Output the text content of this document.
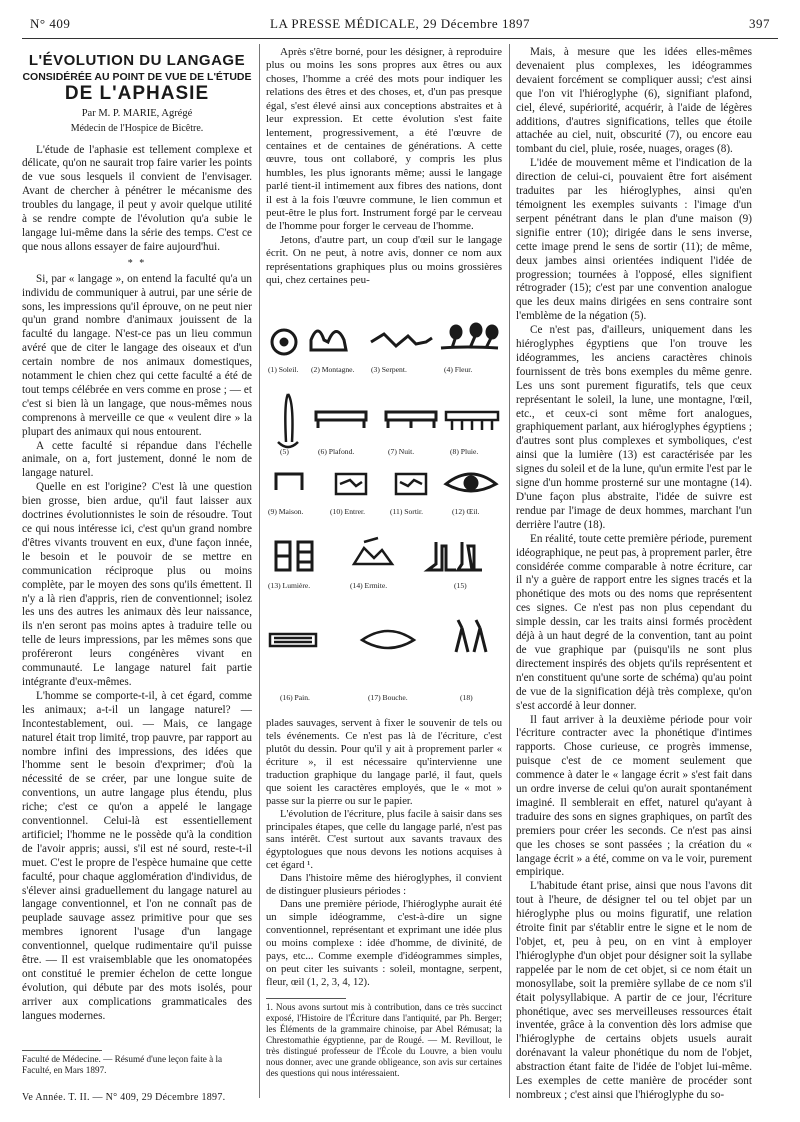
N° 409	LA PRESSE MÉDICALE, 29 Décembre 1897	397
L'ÉVOLUTION DU LANGAGE
CONSIDÉRÉE AU POINT DE VUE DE L'ÉTUDE
DE L'APHASIE
Par M. P. MARIE, Agrégé
Médecin de l'Hospice de Bicêtre.

L'étude de l'aphasie est tellement complexe et délicate, qu'on ne saurait trop faire varier les points de vue sous lesquels il convient de l'envisager. Avant de chercher à pénétrer le mécanisme des troubles du langage, il peut y avoir quelque utilité à se rendre compte de l'évolution qu'a subie le langage lui-même dans la série des temps. C'est ce que nous allons essayer de faire aujourd'hui.

* *

Si, par « langage », on entend la faculté qu'a un individu de communiquer à autrui, par une série de sons, les impressions qu'il éprouve, on ne peut nier qu'un grand nombre d'animaux jouissent de la faculté du langage. N'est-ce pas un lieu commun avéré que de citer le langage des oiseaux et d'un certain nombre de nos animaux domestiques, notamment le chien chez qui cette faculté a été de tout temps célébrée en vers comme en prose ; — et c'est si bien là un langage, que nous-mêmes nous comprenons à merveille ce que « veulent dire » la plupart des animaux qui nous entourent.

A cette faculté si répandue dans l'échelle animale, on a, fort justement, donné le nom de langage naturel.

Quelle en est l'origine? C'est là une question bien grosse, bien ardue, qu'il faut laisser aux doctrines évolutionnistes le soin de résoudre. Tout ce qui nous intéresse ici, c'est qu'un grand nombre d'êtres vivants trouvent en eux, d'une façon innée, le besoin et le pouvoir de se mettre en communication réciproque plus ou moins complète, par le moyen des sons qu'ils émettent. Il n'y a là rien d'appris, rien de conventionnel; isolez les uns des autres les animaux dès leur naissance, ils n'en seront pas moins aptes à traduire telle ou telle de leurs impressions, par les mêmes sons que proféreront leurs congénères vivant en communauté. Le langage naturel fait partie intégrante d'eux-mêmes.

L'homme se comporte-t-il, à cet égard, comme les animaux; a-t-il un langage naturel? — Incontestablement, oui. — Mais, ce langage naturel était trop limité, trop pauvre, par rapport au nombre infini des impressions, des idées que l'homme sent le besoin d'exprimer; d'où la nécessité de se créer, par une longue suite de conventions, un autre langage plus étendu, plus riche; c'est ce qu'on a appelé le langage conventionnel. Celui-là est essentiellement artificiel; l'homme ne le possède qu'à la condition de l'avoir appris; aussi, s'il est né sourd, reste-t-il muet. C'est le propre de l'espèce humaine que cette faculté, pour chaque agglomération d'individus, de s'élever ainsi graduellement du langage naturel au langage conventionnel, et l'on ne connaît pas de peuplade sauvage assez primitive pour que ses membres ignorent l'usage d'un langage conventionnel, quelque rudimentaire qu'il puisse être. — Il est vraisemblable que les onomatopées ont constitué le premier échelon de cette longue évolution, qui débute par des mots isolés, pour arriver aux complications grammaticales des langues modernes.

Faculté de Médecine. — Résumé d'une leçon faite à la Faculté, en Mars 1897.
Ve Année. T. II. — N° 409, 29 Décembre 1897.

Après s'être borné, pour les désigner, à reproduire plus ou moins les sons propres aux êtres ou aux choses, l'homme a créé des mots pour indiquer les relations des êtres et des choses, et, d'un pas presque égal, s'est élevé ainsi aux conceptions abstraites et à leur expression. Et cette évolution s'est faite lentement, progressivement, a été l'œuvre de centaines et de centaines de générations. A cette œuvre, tous ont collaboré, y compris les plus humbles, les plus ignorants même; aussi le langage parlé tient-il intimement aux fibres des nations, dont il est à la fois l'œuvre commune, le lien commun et peut-être le plus fort. Instrument forgé par le cerveau de l'homme pour forger le cerveau de l'homme.

Jetons, d'autre part, un coup d'œil sur le langage écrit. On ne peut, à notre avis, donner ce nom aux représentations graphiques plus ou moins grossières qui, chez certaines peu-

(1) Soleil. (2) Montagne. (3) Serpent.	(4) Fleur.
(5)	(6) Plafond.	(7) Nuit.	(8) Pluie.
(9) Maison.	(10) Entrer.	(11) Sortir.	(12) Œil.
(13) Lumière.	(14) Ermite.	(15)
(16) Pain.	(17) Bouche.	(18)

plades sauvages, servent à fixer le souvenir de tels ou tels événements. Ce n'est pas là de l'écriture, c'est plutôt du dessin. Pour qu'il y ait à proprement parler « écriture », il est nécessaire qu'intervienne une traduction graphique du langage parlé, il faut, quels que soient les caractères employés, que le « mot » passe sur la pierre ou sur le papier.

L'évolution de l'écriture, plus facile à saisir dans ses principales étapes, que celle du langage parlé, n'est pas sans intérêt. C'est surtout aux savants travaux des égyptologues que nous devons les notions acquises à cet égard ¹.

Dans l'histoire même des hiéroglyphes, il convient de distinguer plusieurs périodes :

Dans une première période, l'hiéroglyphe aurait été un simple idéogramme, c'est-à-dire un signe conventionnel, représentant et exprimant une idée plus ou moins complexe : idée d'homme, de divinité, de pays, etc... Comme exemple d'idéogrammes simples, on peut citer les suivants : soleil, montagne, serpent, fleur, œil (1, 2, 3, 4, 12).

1. Nous avons surtout mis à contribution, dans ce très succinct exposé, l'Histoire de l'Écriture dans l'antiquité, par Ph. Berger; les Éléments de la grammaire chinoise, par Abel Rémusat; la Chrestomathie égyptienne, par de Rougé. — M. Revillout, le très distingué professeur de l'École du Louvre, a bien voulu nous donner, avec une grande obligeance, son avis sur certaines des questions qui nous intéressaient.

Mais, à mesure que les idées elles-mêmes devenaient plus complexes, les idéogrammes devaient forcément se compliquer aussi; c'est ainsi que l'on vit l'hiéroglyphe (6), signifiant plafond, ciel, élevé, supériorité, acquérir, à l'aide de légères additions, d'autres significations, telles que étoile attachée au ciel, nuit, obscurité (7), ou encore eau tombant du ciel, pluie, rosée, nuages, orages (8).

L'idée de mouvement même et l'indication de la direction de celui-ci, pouvaient être fort aisément traduites par les hiéroglyphes, ainsi qu'en témoignent les exemples suivants : l'image d'un serpent pénétrant dans le plan d'une maison (9) signifie entrer (10); dirigée dans le sens inverse, cette image prend le sens de sortir (11); de même, deux jambes ainsi orientées indiquent l'idée de progression; tournées à l'opposé, elles signifient rétrograder (15); c'est par une convention analogue que les deux mains dirigées en sens contraire sont l'emblème de la négation (5).

Ce n'est pas, d'ailleurs, uniquement dans les hiéroglyphes égyptiens que l'on trouve les idéogrammes, les anciens caractères chinois fournissent de très bons exemples du même genre. Les uns sont purement figuratifs, tels que ceux représentant le soleil, la lune, une montagne, l'œil, etc., et ceux-ci sont même fort analogues, graphiquement parlant, aux hiéroglyphes égyptiens ; d'autres sont plus complexes et symboliques, c'est ainsi que la lumière (13) est caractérisée par les signes du soleil et de la lune, qu'un ermite l'est par le signe d'un homme prosterné sur une montagne (14). D'une façon plus abstraite, l'idée de suivre est rendue par l'image de deux hommes, marchant l'un derrière l'autre (18).

En réalité, toute cette première période, purement idéographique, ne peut pas, à proprement parler, être considérée comme comparable à notre écriture, car il n'y a guère de rapport entre les signes tracés et la phonétique des mots ou des noms que représentent ces signes. Ce n'est pas non plus cependant du simple dessin, car les traits ainsi formés procèdent déjà à un haut degré de la convention, tant au point de vue graphique par (puisqu'ils ne sont plus directement inspirés des objets qu'ils représentent et n'en constituent qu'une sorte de schéma) qu'au point de vue de la signification déjà très complexe, qu'on s'est accordé à leur donner.

Il faut arriver à la deuxième période pour voir l'écriture contracter avec la phonétique d'intimes rapports. Chose curieuse, ce progrès immense, puisque c'est de ce moment seulement que commence à dater le « langage écrit » s'est fait dans un ordre inverse de celui qu'on aurait spontanément imaginé. Il semblerait en effet, naturel qu'ayant à traduire des sons en signes graphiques, on partît des premiers pour créer les seconds. Ce n'est pas ainsi que les choses se sont passées ; la création du « langage écrit » a été, comme on va le voir, purement empirique.

L'habitude étant prise, ainsi que nous l'avons dit tout à l'heure, de désigner tel ou tel objet par un hiéroglyphe plus ou moins figuratif, une relation étroite finit par s'établir entre le signe et le nom de l'objet, et, peu à peu, on en vint à employer l'hiéroglyphe d'un objet pour désigner soit la syllabe rappelée par le nom de cet objet, si ce nom était un monosyllabe, soit la première syllabe de ce nom s'il était polysyllabique. A partir de ce jour, l'écriture phonétique, avec ses merveilleuses ressources était inventée, grâce à la convention dès lors admise que l'hiéroglyphe de certains objets usuels aurait dorénavant la valeur phonétique du nom de l'objet, abstraction étant faite de l'idée de l'objet lui-même. Les exemples de cette manière de procéder sont nombreux ; c'est ainsi que l'hiéroglyphe du so-
